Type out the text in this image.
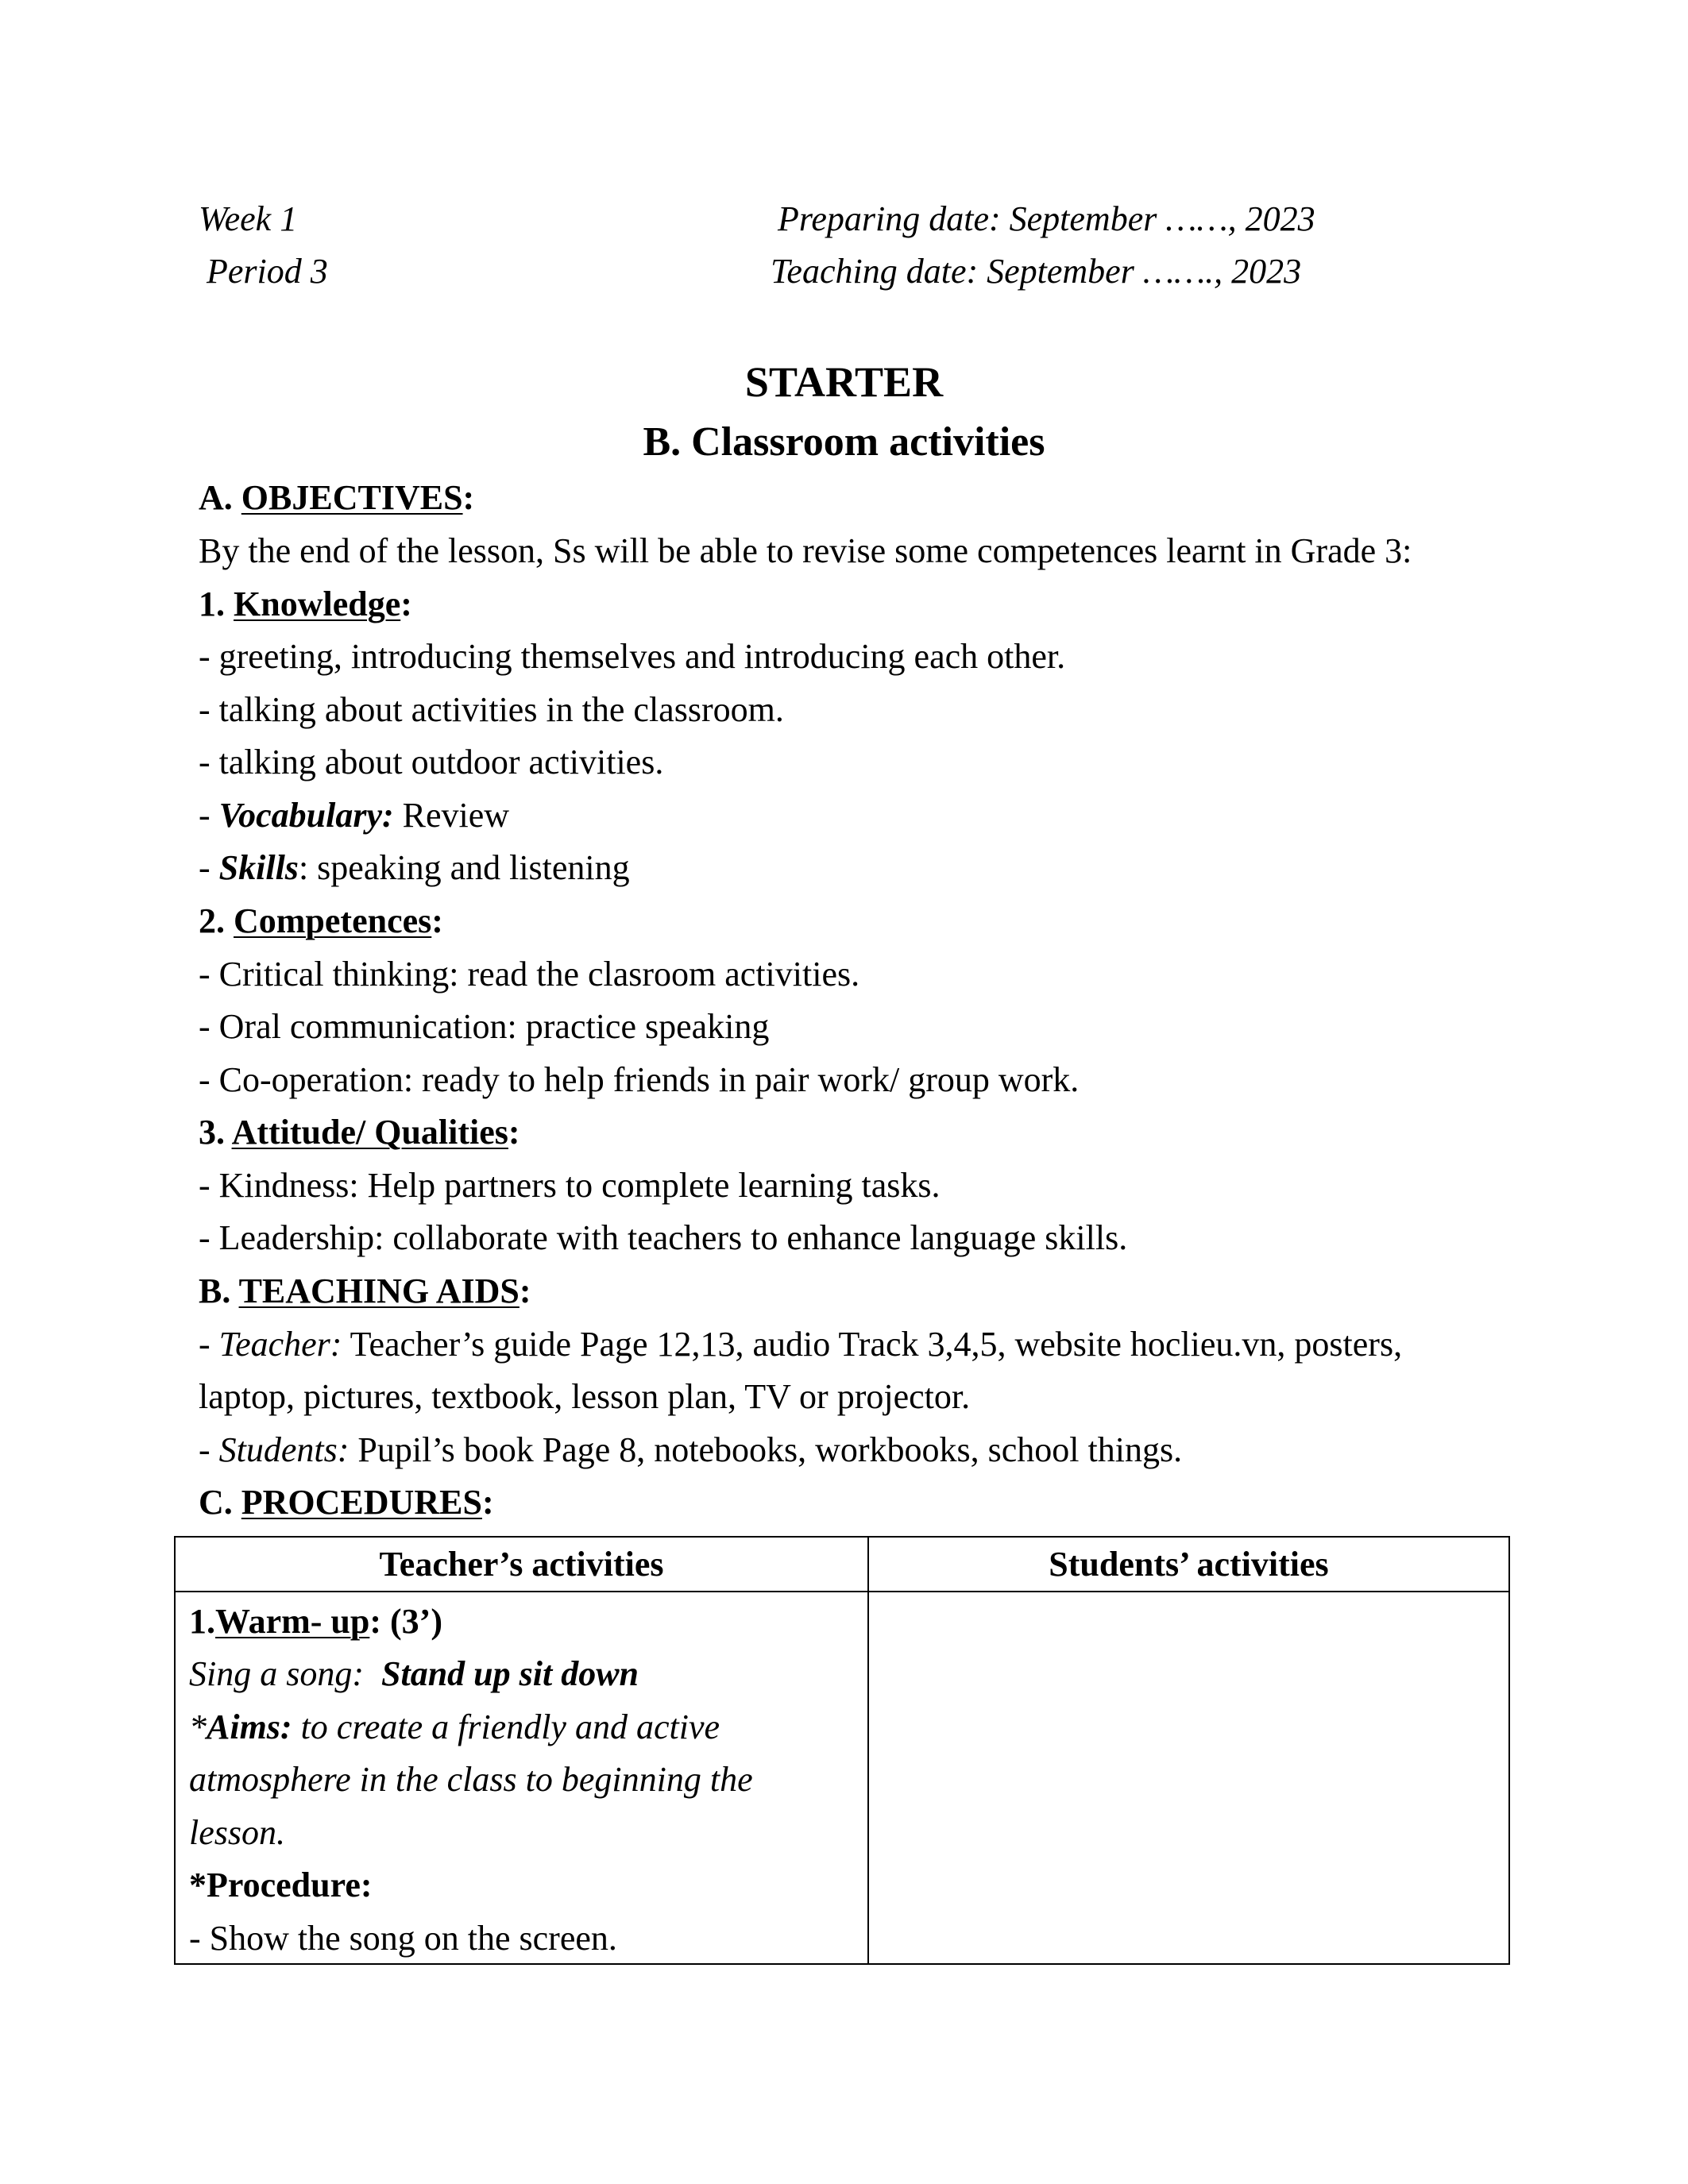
Week 1
Period 3
Preparing date: September ……, 2023
Teaching date: September ……., 2023
STARTER
B. Classroom activities
A. OBJECTIVES:
By the end of the lesson, Ss will be able to revise some competences learnt in Grade 3:
1. Knowledge:
- greeting, introducing themselves and introducing each other.
- talking about activities in the classroom.
- talking about outdoor activities.
- Vocabulary: Review
- Skills: speaking and listening
2. Competences:
- Critical thinking: read the clasroom activities.
- Oral communication: practice speaking
- Co-operation: ready to help friends in pair work/ group work.
3. Attitude/ Qualities:
- Kindness: Help partners to complete learning tasks.
- Leadership: collaborate with teachers to enhance language skills.
B. TEACHING AIDS:
- Teacher: Teacher’s guide Page 12,13, audio Track 3,4,5, website hoclieu.vn, posters,
laptop, pictures, textbook, lesson plan, TV or projector.
- Students: Pupil’s book Page 8, notebooks, workbooks, school things.
C. PROCEDURES:
Teacher’s activities	Students’ activities
1.Warm- up: (3’)
Sing a song:  Stand up sit down
*Aims: to create a friendly and active
atmosphere in the class to beginning the
lesson.
*Procedure:
- Show the song on the screen.
